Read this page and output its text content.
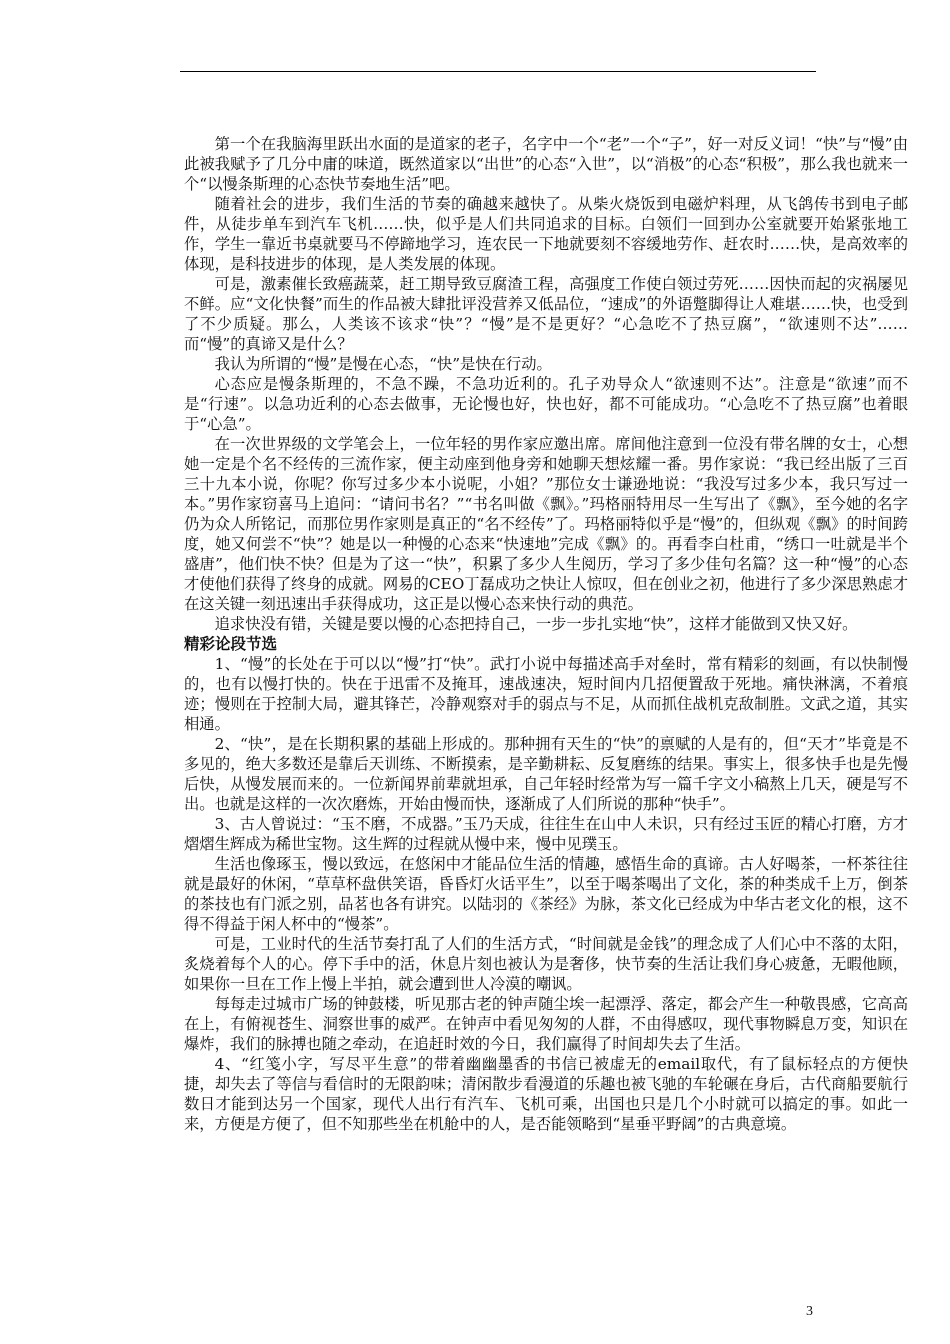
第一个在我脑海里跃出水面的是道家的老子，名字中一个“老”一个“子”，好一对反义词！“快”与“慢”由此被我赋予了几分中庸的味道，既然道家以“出世”的心态“入世”，以“消极”的心态“积极”，那么我也就来一个“以慢条斯理的心态快节奏地生活”吧。

随着社会的进步，我们生活的节奏的确越来越快了。从柴火烧饭到电磁炉料理，从飞鸽传书到电子邮件，从徒步单车到汽车飞机……快，似乎是人们共同追求的目标。白领们一回到办公室就要开始紧张地工作，学生一靠近书桌就要马不停蹄地学习，连农民一下地就要刻不容缓地劳作、赶农时……快，是高效率的体现，是科技进步的体现，是人类发展的体现。

可是，激素催长致癌蔬菜，赶工期导致豆腐渣工程，高强度工作使白领过劳死……因快而起的灾祸屡见不鲜。应“文化快餐”而生的作品被大肆批评没营养又低品位，“速成”的外语蹩脚得让人难堪……快，也受到了不少质疑。那么，人类该不该求“快”？“慢”是不是更好？“心急吃不了热豆腐”，“欲速则不达”……而“慢”的真谛又是什么？

我认为所谓的“慢”是慢在心态，“快”是快在行动。

心态应是慢条斯理的，不急不躁，不急功近利的。孔子劝导众人“欲速则不达”。注意是“欲速”而不是“行速”。以急功近利的心态去做事，无论慢也好，快也好，都不可能成功。“心急吃不了热豆腐”也着眼于“心急”。

在一次世界级的文学笔会上，一位年轻的男作家应邀出席。席间他注意到一位没有带名牌的女士，心想她一定是个名不经传的三流作家，便主动座到他身旁和她聊天想炫耀一番。男作家说：“我已经出版了三百三十九本小说，你呢？你写过多少本小说呢，小姐？”那位女士谦逊地说：“我没写过多少本，我只写过一本。”男作家窃喜马上追问：“请问书名？”“书名叫做《飘》。”玛格丽特用尽一生写出了《飘》，至今她的名字仍为众人所铭记，而那位男作家则是真正的“名不经传”了。玛格丽特似乎是“慢”的，但纵观《飘》的时间跨度，她又何尝不“快”？她是以一种慢的心态来“快速地”完成《飘》的。再看李白杜甫，“绣口一吐就是半个盛唐”，他们快不快？但是为了这一“快”，积累了多少人生阅历，学习了多少佳句名篇？这一种“慢”的心态才使他们获得了终身的成就。网易的CEO丁磊成功之快让人惊叹，但在创业之初，他进行了多少深思熟虑才在这关键一刻迅速出手获得成功，这正是以慢心态来快行动的典范。

追求快没有错，关键是要以慢的心态把持自己，一步一步扎实地“快”，这样才能做到又快又好。

精彩论段节选

1、“慢”的长处在于可以以“慢”打“快”。武打小说中每描述高手对垒时，常有精彩的刻画，有以快制慢的，也有以慢打快的。快在于迅雷不及掩耳，速战速决，短时间内几招便置敌于死地。痛快淋漓，不着痕迹；慢则在于控制大局，避其锋芒，冷静观察对手的弱点与不足，从而抓住战机克敌制胜。文武之道，其实相通。

2、“快”，是在长期积累的基础上形成的。那种拥有天生的“快”的禀赋的人是有的，但“天才”毕竟是不多见的，绝大多数还是靠后天训练、不断摸索，是辛勤耕耘、反复磨练的结果。事实上，很多快手也是先慢后快，从慢发展而来的。一位新闻界前辈就坦承，自己年轻时经常为写一篇千字文小稿熬上几天，硬是写不出。也就是这样的一次次磨炼，开始由慢而快，逐渐成了人们所说的那种“快手”。

3、古人曾说过：“玉不磨，不成器。”玉乃天成，往往生在山中人未识，只有经过玉匠的精心打磨，方才熠熠生辉成为稀世宝物。这生辉的过程就从慢中来，慢中见璞玉。

生活也像琢玉，慢以致远，在悠闲中才能品位生活的情趣，感悟生命的真谛。古人好喝茶，一杯茶往往就是最好的休闲，“草草杯盘供笑语，昏昏灯火话平生”，以至于喝茶喝出了文化，茶的种类成千上万，倒茶的茶技也有门派之别，品茗也各有讲究。以陆羽的《茶经》为脉，茶文化已经成为中华古老文化的根，这不得不得益于闲人杯中的“慢茶”。

可是，工业时代的生活节奏打乱了人们的生活方式，“时间就是金钱”的理念成了人们心中不落的太阳，炙烧着每个人的心。停下手中的活，休息片刻也被认为是奢侈，快节奏的生活让我们身心疲惫，无暇他顾，如果你一旦在工作上慢上半拍，就会遭到世人冷漠的嘲讽。

每每走过城市广场的钟鼓楼，听见那古老的钟声随尘埃一起漂浮、落定，都会产生一种敬畏感，它高高在上，有俯视苍生、洞察世事的威严。在钟声中看见匆匆的人群，不由得感叹，现代事物瞬息万变，知识在爆炸，我们的脉搏也随之牵动，在追赶时效的今日，我们赢得了时间却失去了生活。

4、“红笺小字，写尽平生意”的带着幽幽墨香的书信已被虚无的email取代，有了鼠标轻点的方便快捷，却失去了等信与看信时的无限韵味；清闲散步看漫道的乐趣也被飞驰的车轮碾在身后，古代商船要航行数日才能到达另一个国家，现代人出行有汽车、飞机可乘，出国也只是几个小时就可以搞定的事。如此一来，方便是方便了，但不知那些坐在机舱中的人，是否能领略到“星垂平野阔”的古典意境。

3
